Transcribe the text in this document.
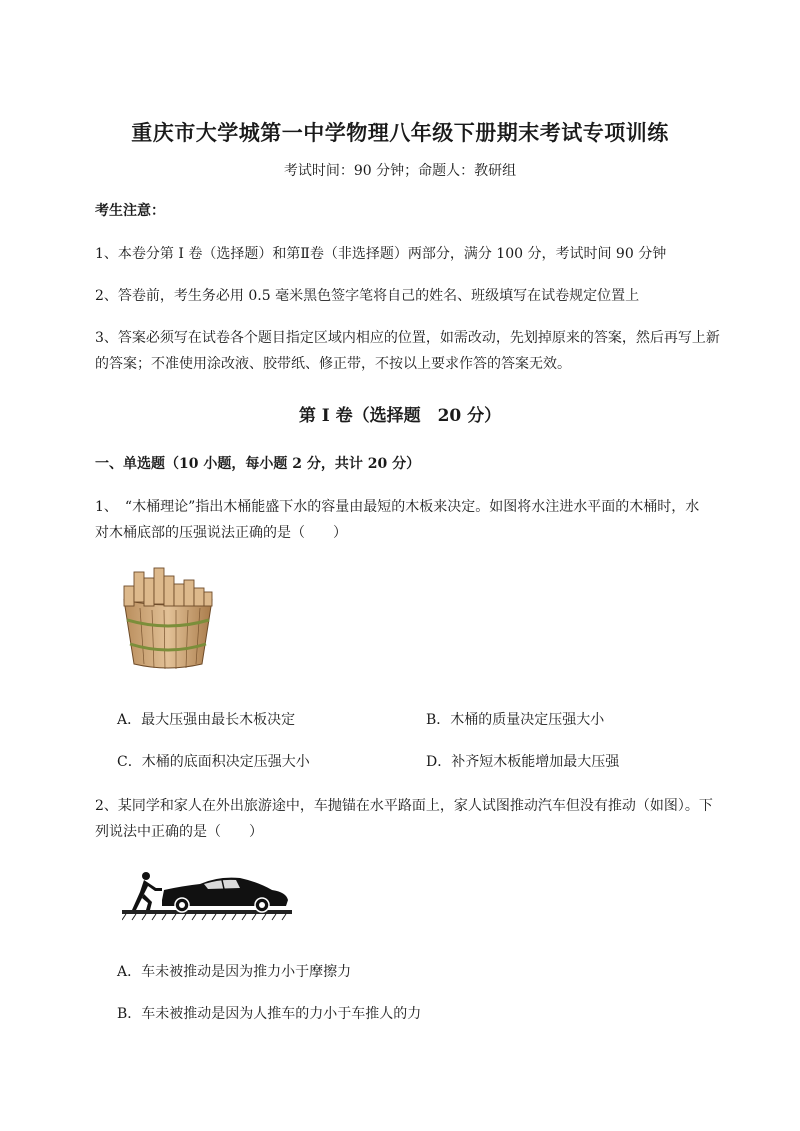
重庆市大学城第一中学物理八年级下册期末考试专项训练
考试时间：90 分钟；命题人：教研组
考生注意：
1、本卷分第 I 卷（选择题）和第Ⅱ卷（非选择题）两部分，满分 100 分，考试时间 90 分钟
2、答卷前，考生务必用 0.5 毫米黑色签字笔将自己的姓名、班级填写在试卷规定位置上
3、答案必须写在试卷各个题目指定区域内相应的位置，如需改动，先划掉原来的答案，然后再写上新
的答案；不准使用涂改液、胶带纸、修正带，不按以上要求作答的答案无效。
第 I 卷（选择题　20 分）
一、单选题（10 小题，每小题 2 分，共计 20 分）
1、　“木桶理论”指出木桶能盛下水的容量由最短的木板来决定。如图将水注进水平面的木桶时，水
对木桶底部的压强说法正确的是（　　）
A．最大压强由最长木板决定	B．木桶的质量决定压强大小
C．木桶的底面积决定压强大小	D．补齐短木板能增加最大压强
2、某同学和家人在外出旅游途中，车抛锚在水平路面上，家人试图推动汽车但没有推动（如图）。下
列说法中正确的是（　　）
A．车未被推动是因为推力小于摩擦力
B．车未被推动是因为人推车的力小于车推人的力
